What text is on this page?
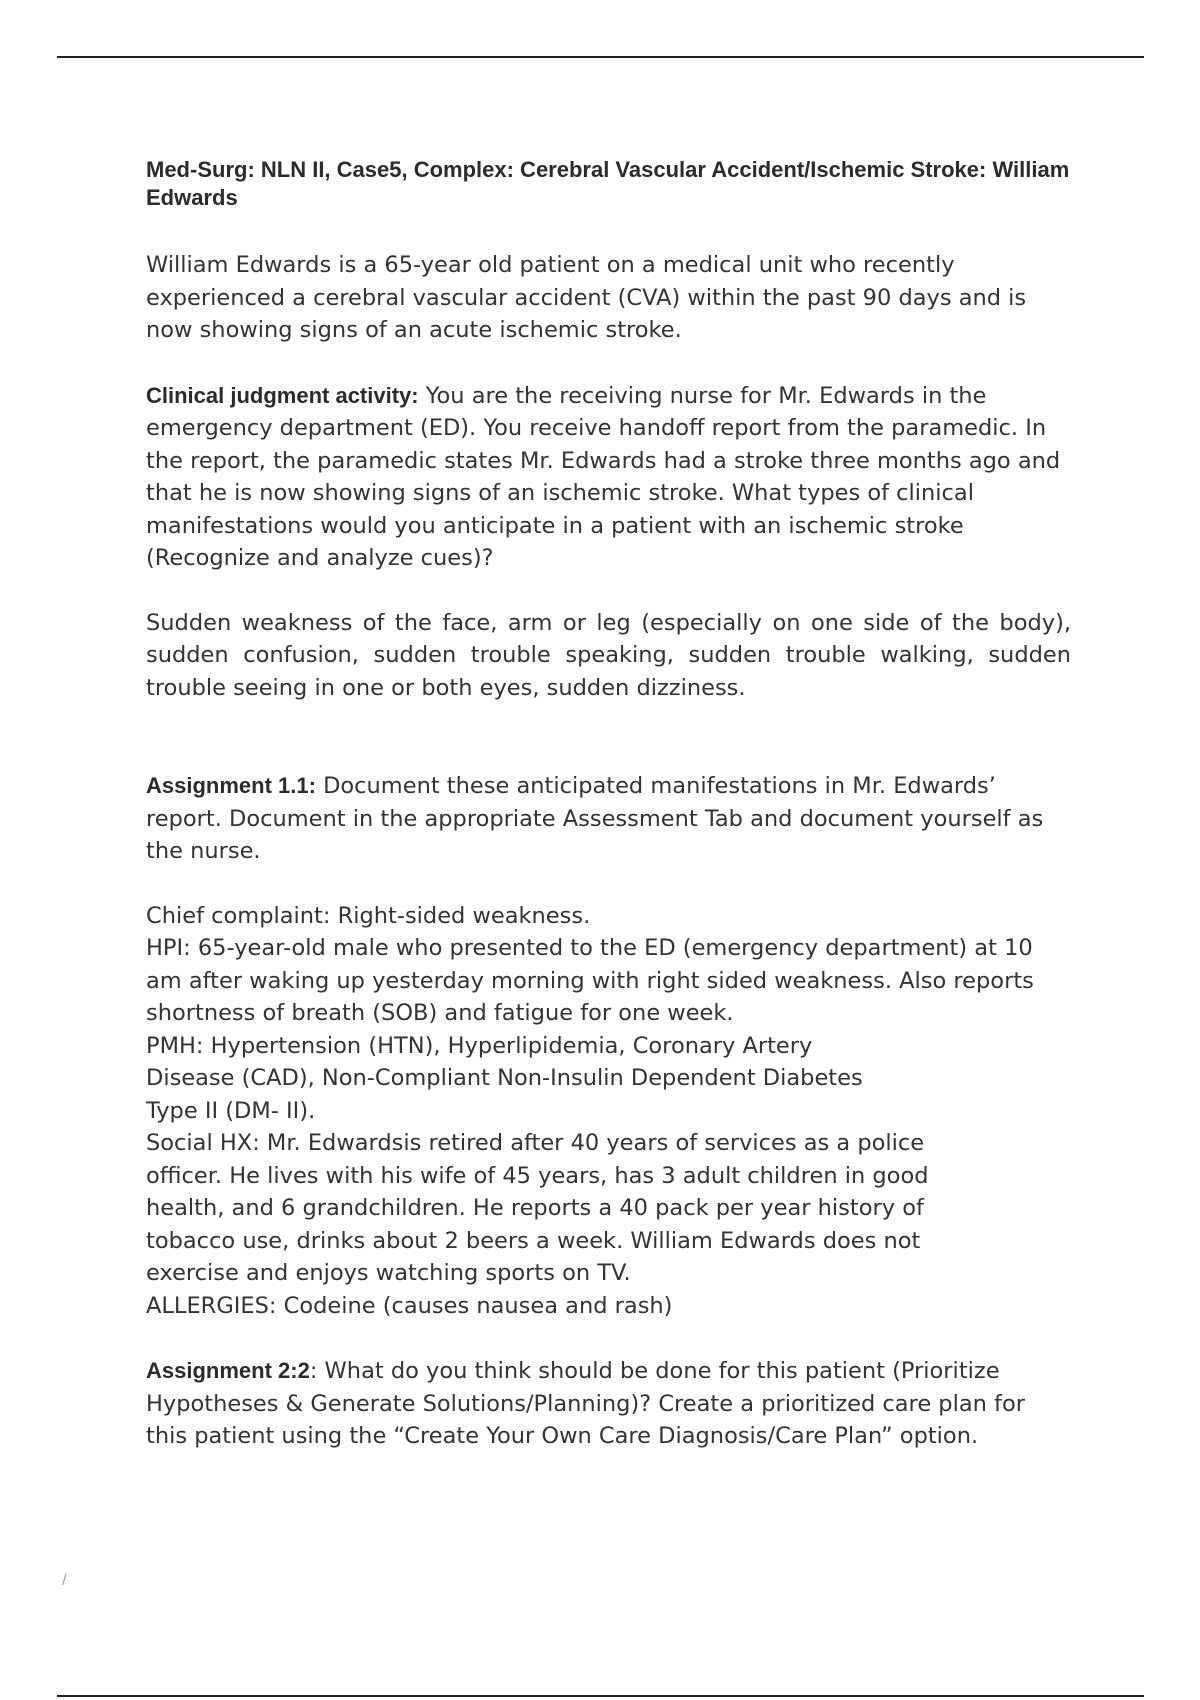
Med-Surg: NLN II, Case5, Complex: Cerebral Vascular Accident/Ischemic Stroke: William Edwards

William Edwards is a 65-year old patient on a medical unit who recently experienced a cerebral vascular accident (CVA) within the past 90 days and is now showing signs of an acute ischemic stroke.

Clinical judgment activity: You are the receiving nurse for Mr. Edwards in the emergency department (ED). You receive handoff report from the paramedic. In the report, the paramedic states Mr. Edwards had a stroke three months ago and that he is now showing signs of an ischemic stroke. What types of clinical manifestations would you anticipate in a patient with an ischemic stroke (Recognize and analyze cues)?

Sudden weakness of the face, arm or leg (especially on one side of the body), sudden confusion, sudden trouble speaking, sudden trouble walking, sudden trouble seeing in one or both eyes, sudden dizziness.

Assignment 1.1: Document these anticipated manifestations in Mr. Edwards’ report. Document in the appropriate Assessment Tab and document yourself as the nurse.

Chief complaint: Right-sided weakness.
HPI: 65-year-old male who presented to the ED (emergency department) at 10 am after waking up yesterday morning with right sided weakness. Also reports shortness of breath (SOB) and fatigue for one week.
PMH: Hypertension (HTN), Hyperlipidemia, Coronary Artery Disease (CAD), Non-Compliant Non-Insulin Dependent Diabetes Type II (DM- II).
Social HX: Mr. Edwardsis retired after 40 years of services as a police officer. He lives with his wife of 45 years, has 3 adult children in good health, and 6 grandchildren. He reports a 40 pack per year history of tobacco use, drinks about 2 beers a week. William Edwards does not exercise and enjoys watching sports on TV.
ALLERGIES: Codeine (causes nausea and rash)

Assignment 2:2: What do you think should be done for this patient (Prioritize Hypotheses & Generate Solutions/Planning)? Create a prioritized care plan for this patient using the “Create Your Own Care Diagnosis/Care Plan” option.

/
